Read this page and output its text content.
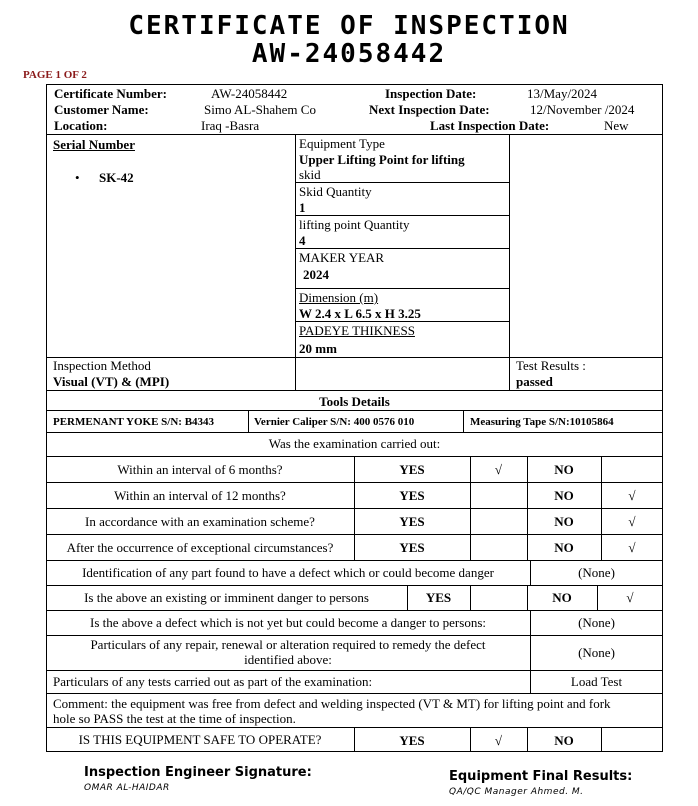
CERTIFICATE OF INSPECTION
AW-24058442
PAGE 1 OF 2
Certificate Number:	AW-24058442	Inspection Date:	13/May/2024
Customer Name:	Simo AL-Shahem Co	Next Inspection Date:	12/November /2024
Location:	Iraq -Basra	Last Inspection Date:	New
Serial Number
• SK-42
Equipment Type
Upper Lifting Point for lifting
skid
Skid Quantity
1
lifting point Quantity
4
MAKER YEAR
2024
Dimension (m)
W 2.4 x L 6.5 x H 3.25
PADEYE THIKNESS
20 mm
Inspection Method
Visual (VT) & (MPI)
Test Results :
passed
Tools Details
PERMENANT YOKE S/N: B4343	Vernier Caliper S/N: 400 0576 010	Measuring Tape S/N:10105864
Was the examination carried out:
Within an interval of 6 months?	YES	√	NO
Within an interval of 12 months?	YES	NO	√
In accordance with an examination scheme?	YES	NO	√
After the occurrence of exceptional circumstances?	YES	NO	√
Identification of any part found to have a defect which or could become danger	(None)
Is the above an existing or imminent danger to persons	YES	NO	√
Is the above a defect which is not yet but could become a danger to persons:	(None)
Particulars of any repair, renewal or alteration required to remedy the defect
identified above:	(None)
Particulars of any tests carried out as part of the examination:	Load Test
Comment: the equipment was free from defect and welding inspected (VT & MT) for lifting point and fork
hole so PASS the test at the time of inspection.
IS THIS EQUIPMENT SAFE TO OPERATE?	YES	√	NO
Inspection Engineer Signature:
OMAR AL-HAIDAR
Equipment Final Results:
QA/QC Manager Ahmed. M.
